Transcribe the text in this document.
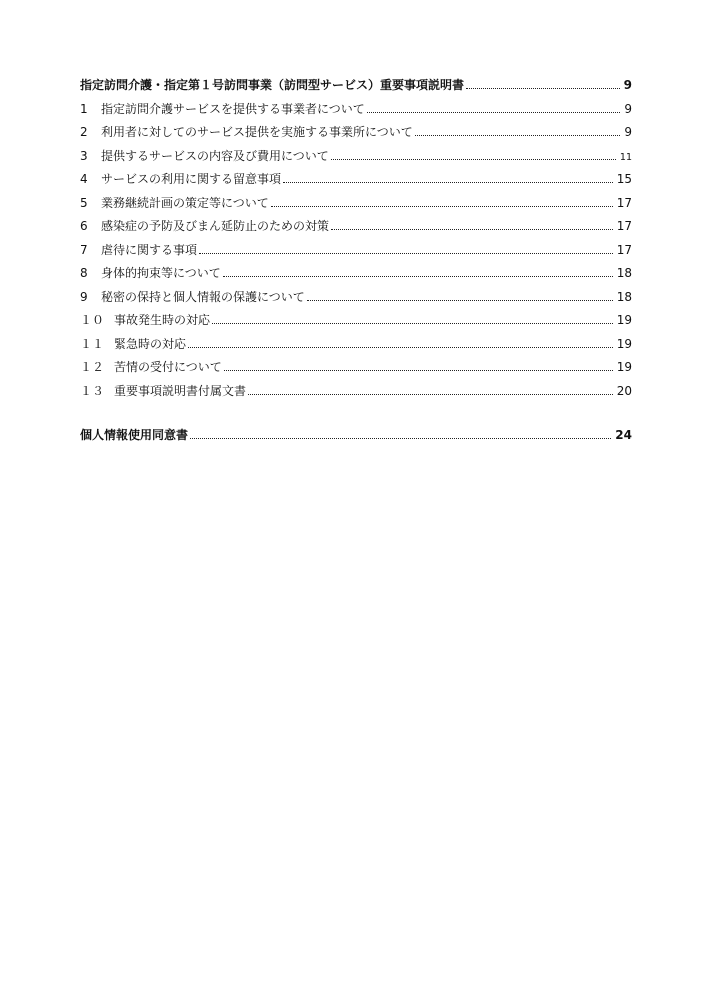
指定訪問介護・指定第１号訪問事業（訪問型サービス）重要事項説明書	9
1	指定訪問介護サービスを提供する事業者について	9
2	利用者に対してのサービス提供を実施する事業所について	9
3	提供するサービスの内容及び費用について	11
4	サービスの利用に関する留意事項	15
5	業務継続計画の策定等について	17
6	感染症の予防及びまん延防止のための対策	17
7	虐待に関する事項	17
8	身体的拘束等について	18
9	秘密の保持と個人情報の保護について	18
１０ 事故発生時の対応	19
１１ 緊急時の対応	19
１２ 苦情の受付について	19
１３ 重要事項説明書付属文書	20
個人情報使用同意書	24
